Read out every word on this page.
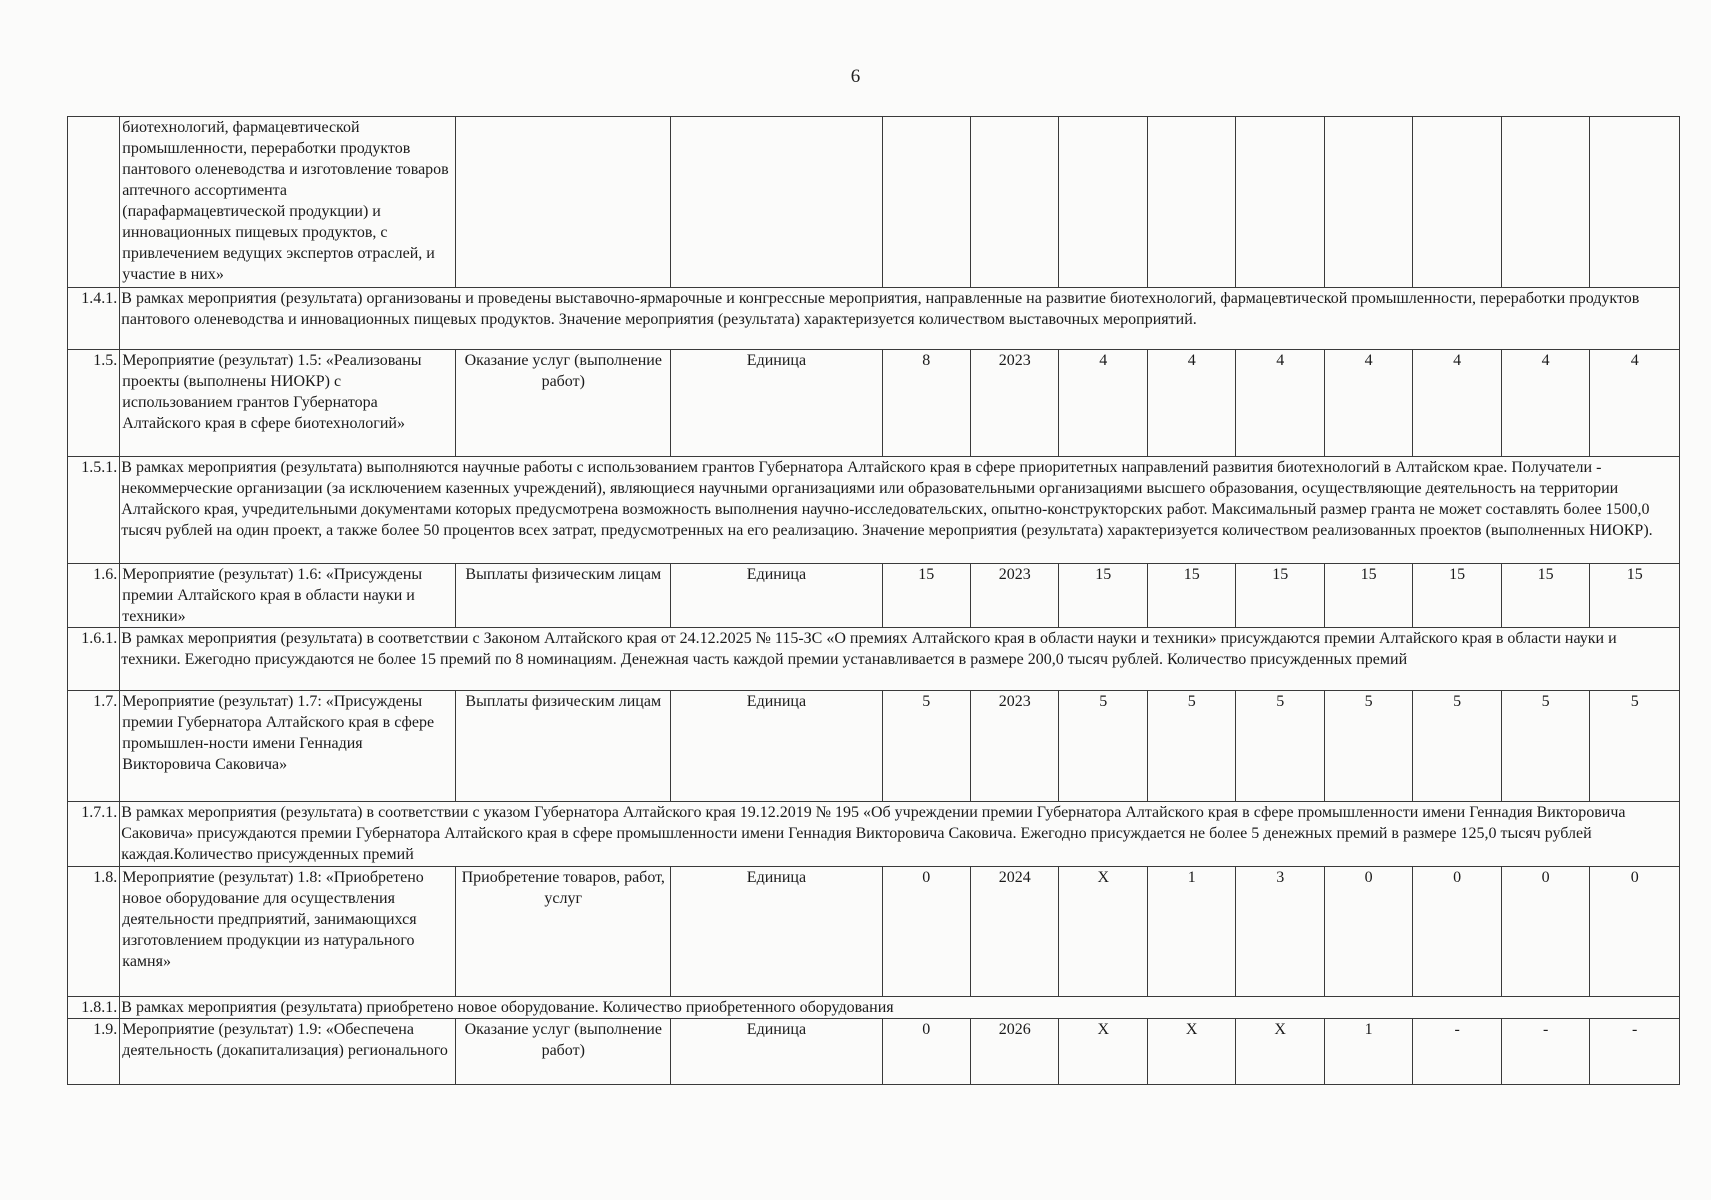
6
	биотехнологий, фармацевтической промышленности, переработки продуктов пантового оленеводства и изготовление товаров аптечного ассортимента (парафармацевтической продукции) и инновационных пищевых продуктов, с привлечением ведущих экспертов отраслей, и участие в них»											
1.4.1.	В рамках мероприятия (результата) организованы и проведены выставочно-ярмарочные и конгрессные мероприятия, направленные на развитие биотехнологий, фармацевтической промышленности, переработки продуктов пантового оленеводства и инновационных пищевых продуктов. Значение мероприятия (результата) характеризуется количеством выставочных мероприятий.											
1.5.	Мероприятие (результат) 1.5: «Реализованы проекты (выполнены НИОКР) с использованием грантов Губернатора Алтайского края в сфере биотехнологий»	Оказание услуг (выполнение работ)	Единица	8	2023	4	4	4	4	4	4	4
1.5.1.	В рамках мероприятия (результата) выполняются научные работы с использованием грантов Губернатора Алтайского края в сфере приоритетных направлений развития биотехнологий в Алтайском крае. Получатели - некоммерческие организации (за исключением казенных учреждений), являющиеся научными организациями или образовательными организациями высшего образования, осуществляющие деятельность на территории Алтайского края, учредительными документами которых предусмотрена возможность выполнения научно-исследовательских, опытно-конструкторских работ. Максимальный размер гранта не может составлять более 1500,0 тысяч рублей на один проект, а также более 50 процентов всех затрат, предусмотренных на его реализацию. Значение мероприятия (результата) характеризуется количеством реализованных проектов (выполненных НИОКР).											
1.6.	Мероприятие (результат) 1.6: «Присуждены премии Алтайского края в области науки и техники»	Выплаты физическим лицам	Единица	15	2023	15	15	15	15	15	15	15
1.6.1.	В рамках мероприятия (результата) в соответствии с Законом Алтайского края от 24.12.2025 № 115-ЗС «О премиях Алтайского края в области науки и техники» присуждаются премии Алтайского края в области науки и техники. Ежегодно присуждаются не более 15 премий по 8 номинациям. Денежная часть каждой премии устанавливается в размере 200,0 тысяч рублей. Количество присужденных премий											
1.7.	Мероприятие (результат) 1.7: «Присуждены премии Губернатора Алтайского края в сфере промышлен-ности имени Геннадия Викторовича Саковича»	Выплаты физическим лицам	Единица	5	2023	5	5	5	5	5	5	5
1.7.1.	В рамках мероприятия (результата) в соответствии с указом Губернатора Алтайского края 19.12.2019 № 195 «Об учреждении премии Губернатора Алтайского края в сфере промышленности имени Геннадия Викторовича Саковича» присуждаются премии Губернатора Алтайского края в сфере промышленности имени Геннадия Викторовича Саковича. Ежегодно присуждается не более 5 денежных премий в размере 125,0 тысяч рублей каждая.Количество присужденных премий											
1.8.	Мероприятие (результат) 1.8: «Приобретено новое оборудование для осуществления деятельности предприятий, занимающихся изготовлением продукции из натурального камня»	Приобретение товаров, работ, услуг	Единица	0	2024	Х	1	3	0	0	0	0
1.8.1.	В рамках мероприятия (результата) приобретено новое оборудование. Количество приобретенного оборудования											
1.9.	Мероприятие (результат) 1.9: «Обеспечена деятельность (докапитализация) регионального	Оказание услуг (выполнение работ)	Единица	0	2026	Х	Х	Х	1	-	-	-
